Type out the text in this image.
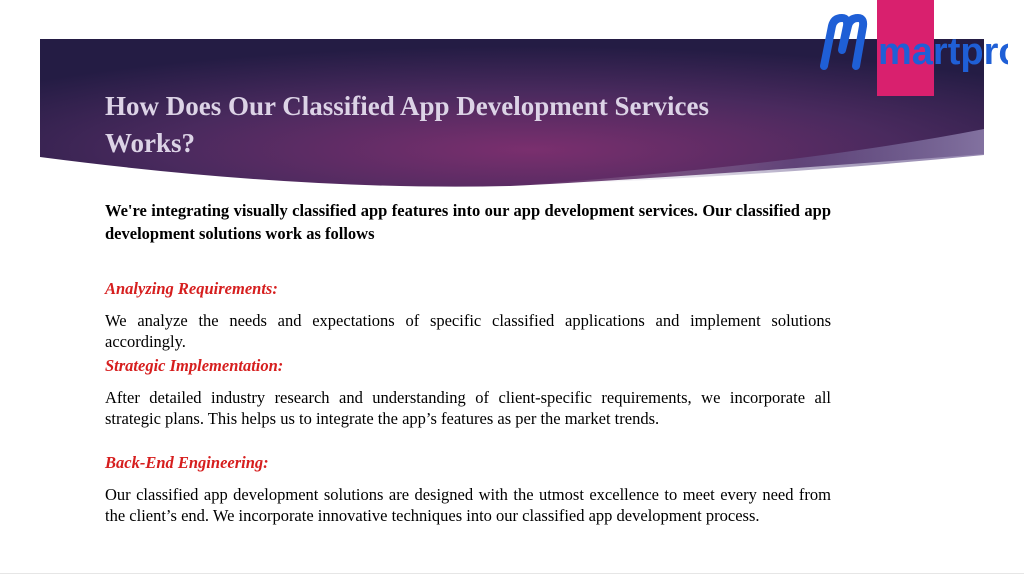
How Does Our Classified App Development Services Works?
martpro
We're integrating visually classified app features into our app development services. Our classified app development solutions work as follows
Analyzing Requirements:
We analyze the needs and expectations of specific classified applications and implement solutions accordingly.
Strategic Implementation:
After detailed industry research and understanding of client-specific requirements, we incorporate all strategic plans. This helps us to integrate the app’s features as per the market trends.
Back-End Engineering:
Our classified app development solutions are designed with the utmost excellence to meet every need from the client’s end. We incorporate innovative techniques into our classified app development process.
